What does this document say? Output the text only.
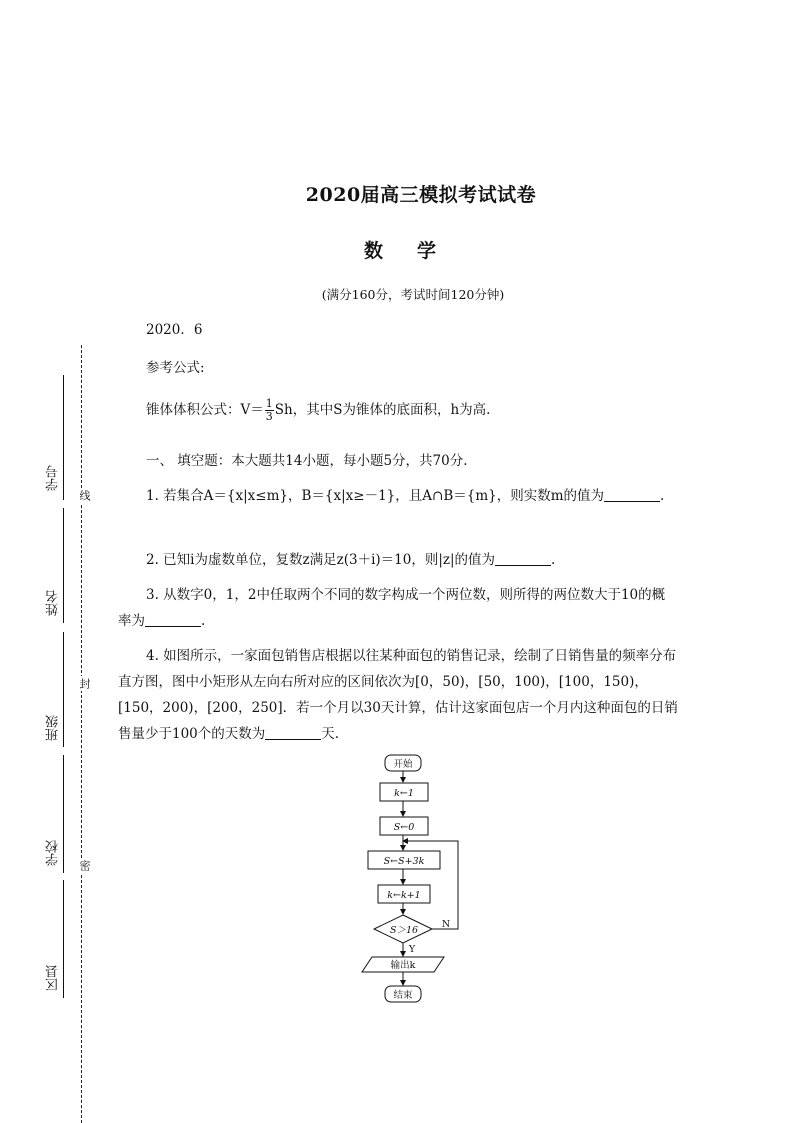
学号
姓名
班级
学校
区县
线
封
密
2020届高三模拟考试试卷
数学
(满分160分，考试时间120分钟)
2020．6
参考公式:
锥体体积公式：$V= \frac{1}{3}$ Sh，其中S为锥体的底面积，h为高.
一、 填空题：本大题共14小题，每小题5分，共70分.
1. 若集合A＝{x|x≤m}，B＝{x|x≥－1}，且A∩B＝{m}，则实数m的值为	.
2. 已知i为虚数单位，复数z满足z(3＋i)＝10，则|z|的值为	.
3. 从数字0，1，2中任取两个不同的数字构成一个两位数，则所得的两位数大于10的概率为	.
4. 如图所示，一家面包销售店根据以往某种面包的销售记录，绘制了日销售量的频率分布直方图，图中小矩形从左向右所对应的区间依次为[0，50)，[50，100)，[100，150)，[150，200)，[200，250]．若一个月以30天计算，估计这家面包店一个月内这种面包的日销售量少于100个的天数为	天.
开始
k←1
S←0
S←S+3k
k←k+1
S＞16
Y
N
输出k
结束
